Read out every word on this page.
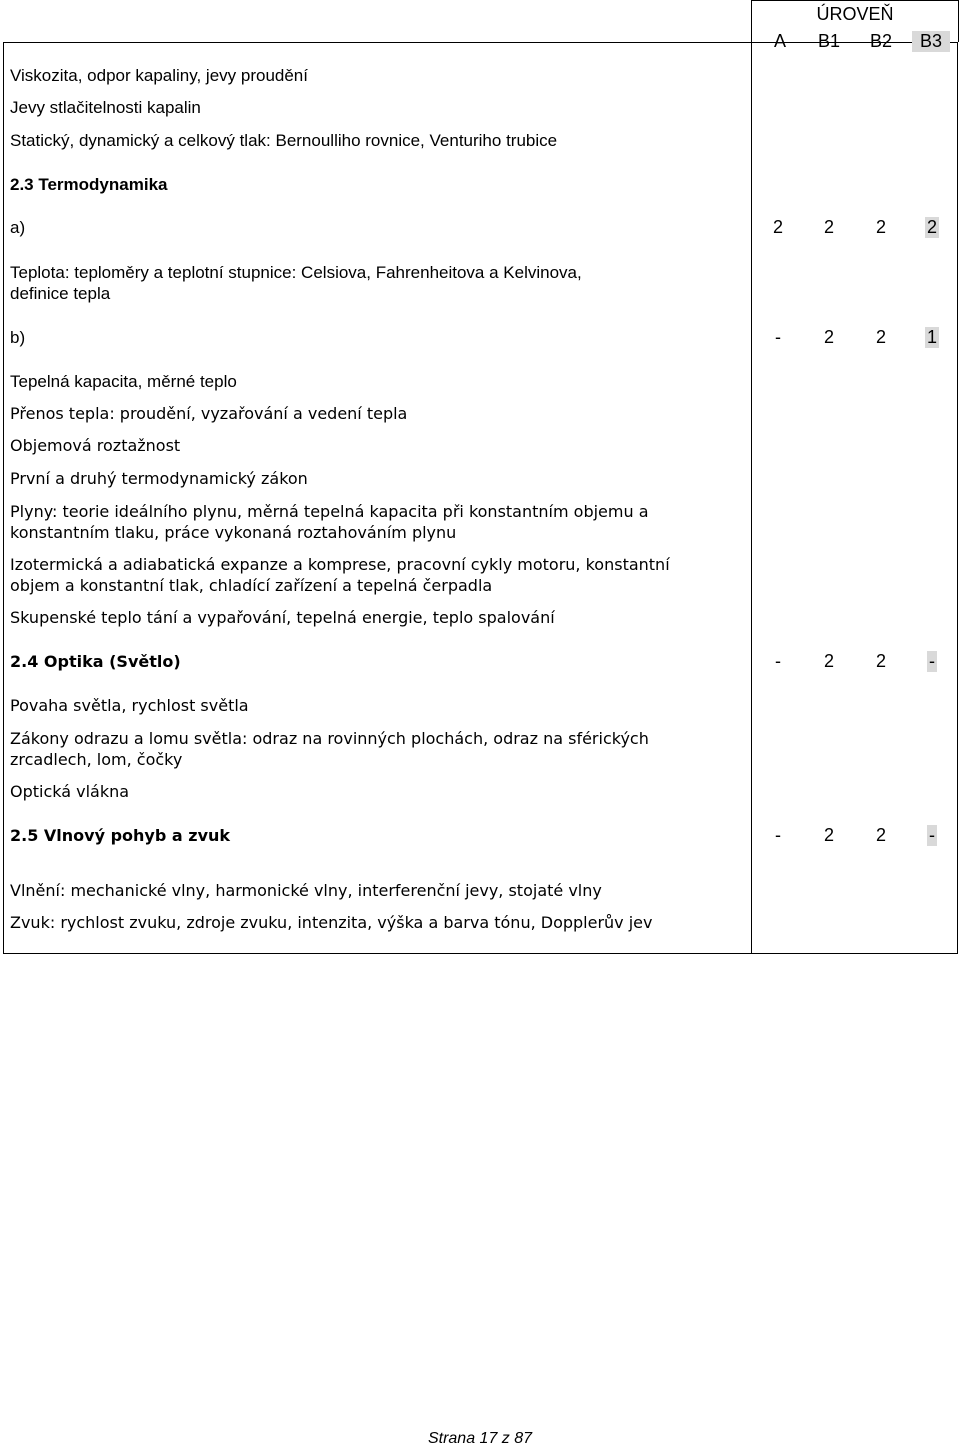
ÚROVEŇ
A	B1	B2	B3
Viskozita, odpor kapaliny, jevy proudění
Jevy stlačitelnosti kapalin
Statický, dynamický a celkový tlak: Bernoulliho rovnice, Venturiho trubice
2.3 Termodynamika
a)	2	2	2	2
Teplota: teploměry a teplotní stupnice: Celsiova, Fahrenheitova a Kelvinova,
definice tepla
b)	-	2	2	1
Tepelná kapacita, měrné teplo
Přenos tepla: proudění, vyzařování a vedení tepla
Objemová roztažnost
První a druhý termodynamický zákon
Plyny: teorie ideálního plynu, měrná tepelná kapacita při konstantním objemu a
konstantním tlaku, práce vykonaná roztahováním plynu
Izotermická a adiabatická expanze a komprese, pracovní cykly motoru, konstantní
objem a konstantní tlak, chladící zařízení a tepelná čerpadla
Skupenské teplo tání a vypařování, tepelná energie, teplo spalování
2.4 Optika (Světlo)	-	2	2	-
Povaha světla, rychlost světla
Zákony odrazu a lomu světla: odraz na rovinných plochách, odraz na sférických
zrcadlech, lom, čočky
Optická vlákna
2.5 Vlnový pohyb a zvuk	-	2	2	-
Vlnění: mechanické vlny, harmonické vlny, interferenční jevy, stojaté vlny
Zvuk: rychlost zvuku, zdroje zvuku, intenzita, výška a barva tónu, Dopplerův jev
Strana 17 z 87
